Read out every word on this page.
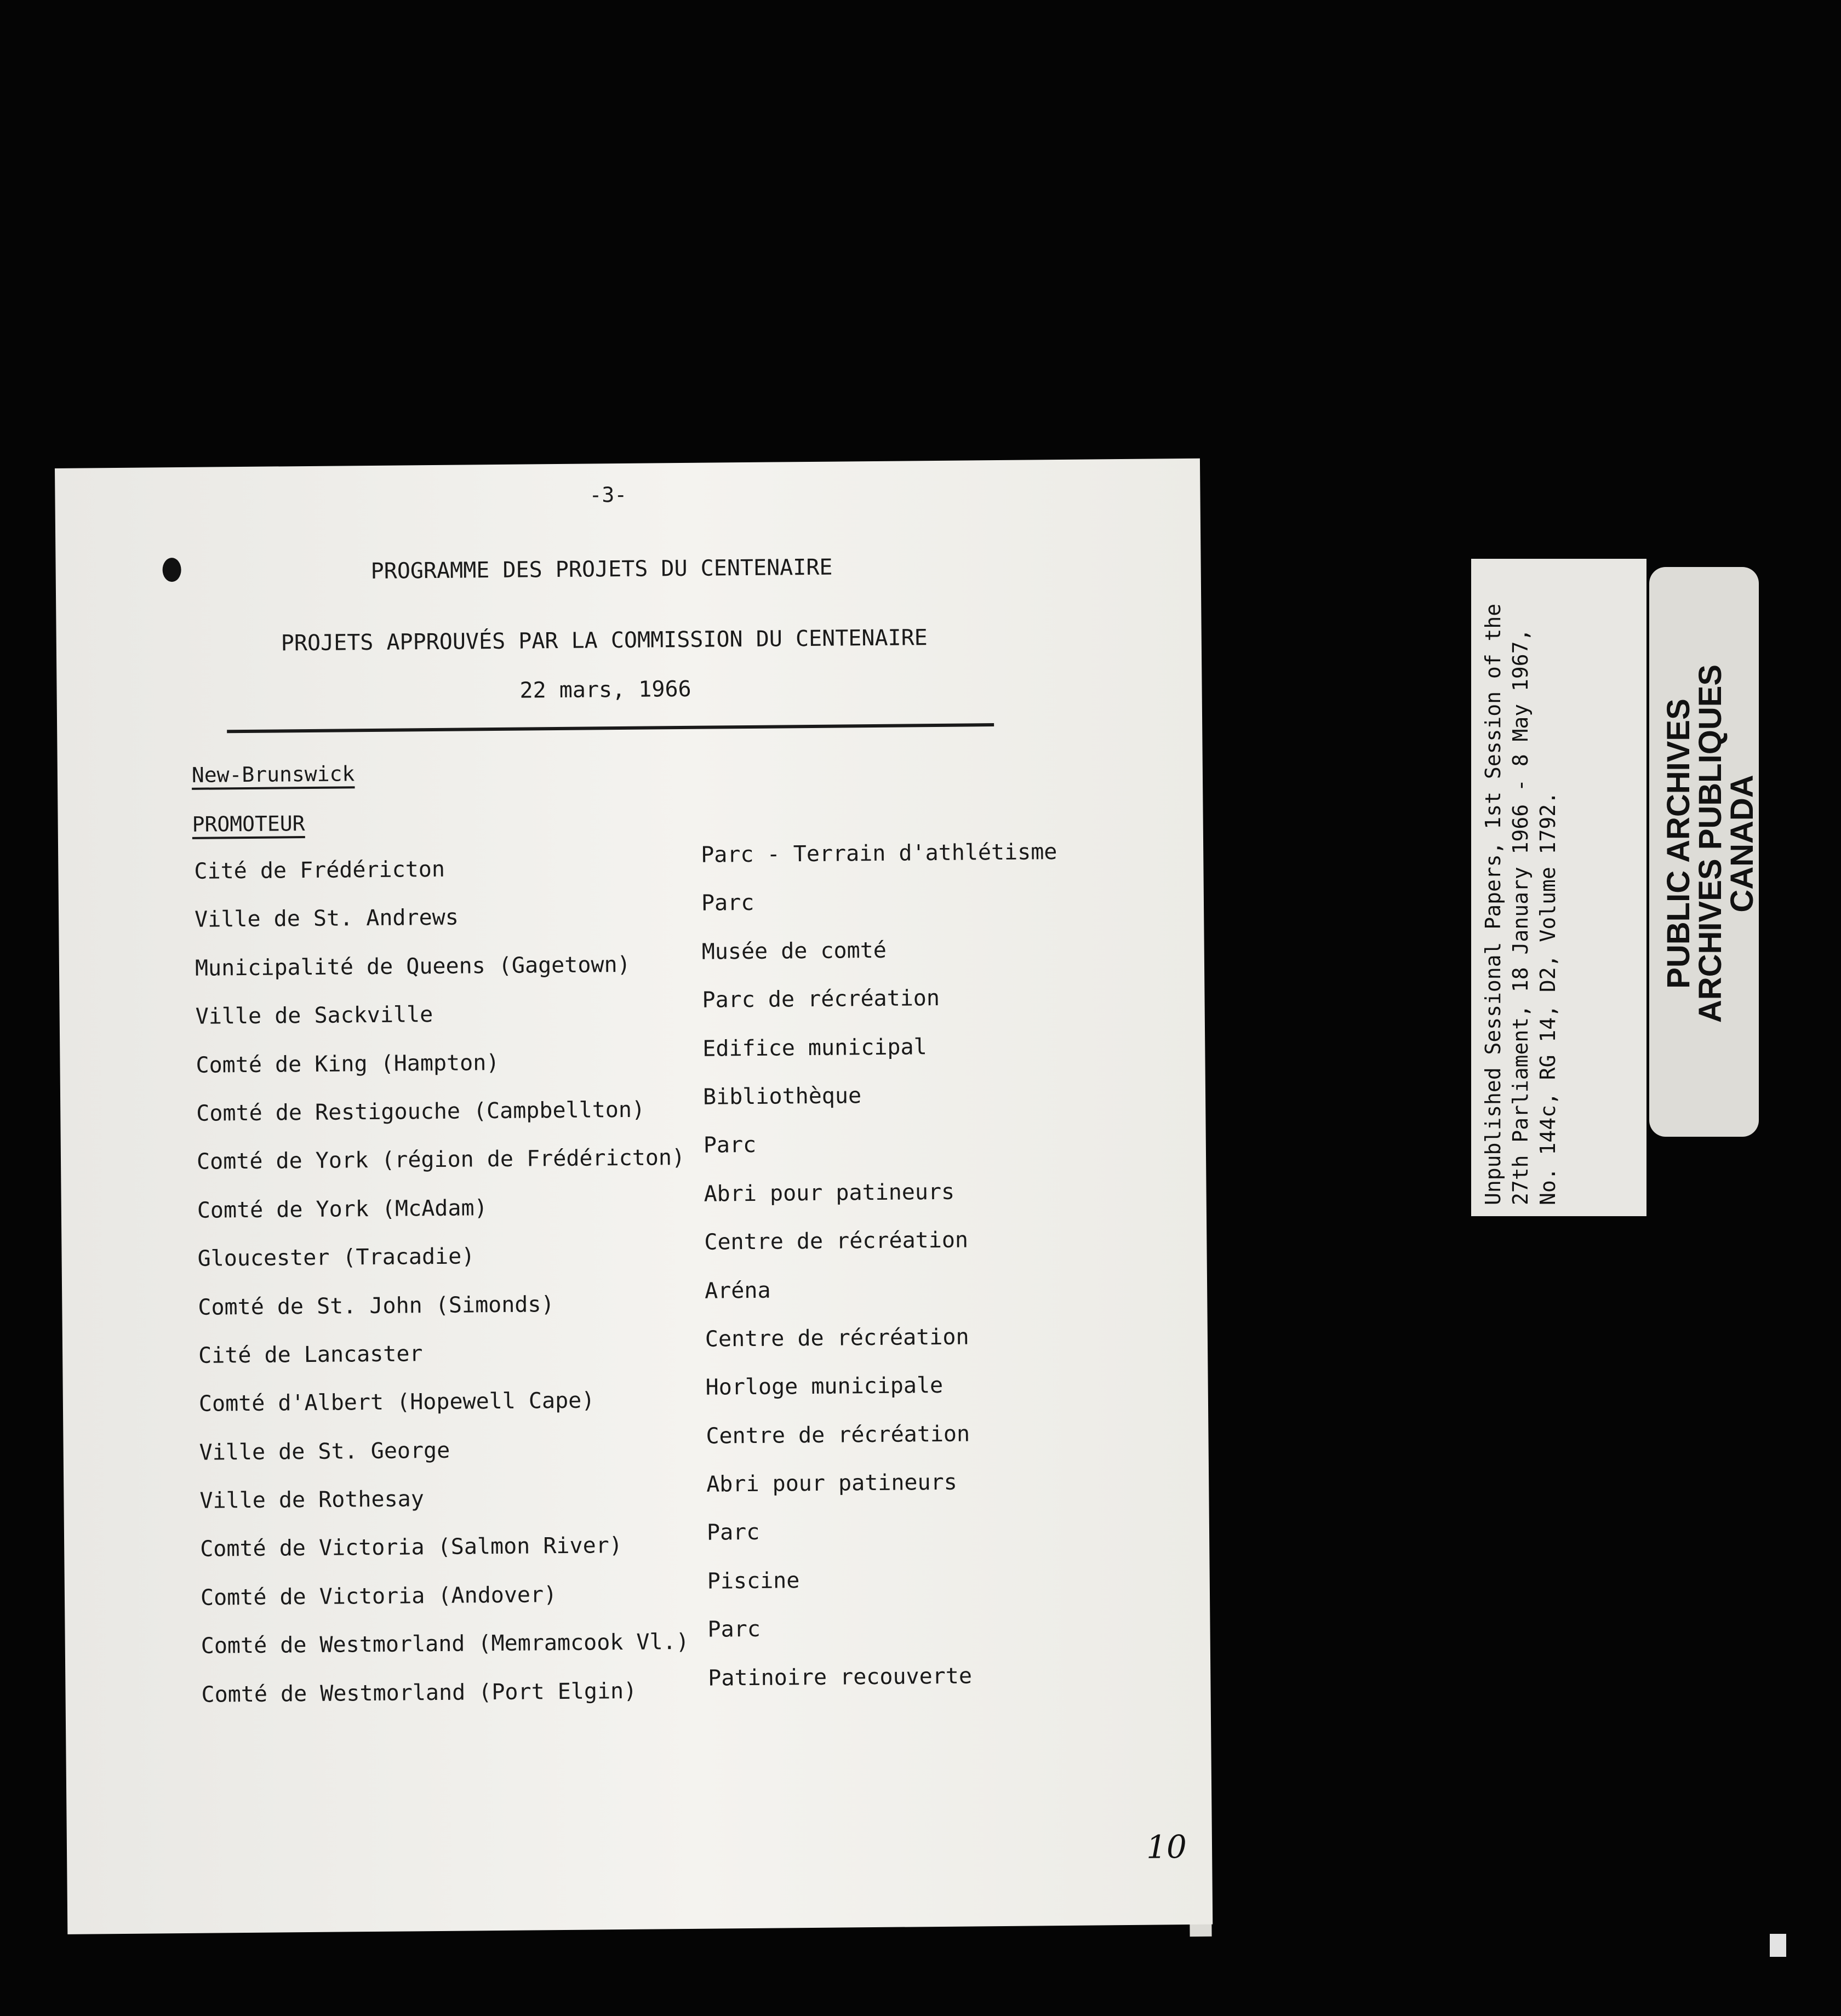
-3-
PROGRAMME DES PROJETS DU CENTENAIRE
PROJETS APPROUVÉS PAR LA COMMISSION DU CENTENAIRE
22 mars, 1966
New-Brunswick
PROMOTEUR
Cité de Frédéricton
Parc - Terrain d'athlétisme
Ville de St. Andrews
Parc
Municipalité de Queens (Gagetown)
Musée de comté
Ville de Sackville
Parc de récréation
Comté de King (Hampton)
Edifice municipal
Comté de Restigouche (Campbellton)
Bibliothèque
Comté de York (région de Frédéricton) Parc
Comté de York (McAdam)
Abri pour patineurs
Gloucester (Tracadie)
Centre de récréation
Comté de St. John (Simonds)
Aréna
Cité de Lancaster
Centre de récréation
Comté d'Albert (Hopewell Cape)
Horloge municipale
Ville de St. George
Centre de récréation
Ville de Rothesay
Abri pour patineurs
Comté de Victoria (Salmon River)
Parc
Comté de Victoria (Andover)
Piscine
Comté de Westmorland (Memramcook Vl.) Parc
Comté de Westmorland (Port Elgin)
Patinoire recouverte
10
Unpublished Sessional Papers, 1st Session of the 27th Parliament, 18 January 1966 - 8 May 1967, No. 144c, RG 14, D2, Volume 1792.	PUBLIC ARCHIVES
ARCHIVES PUBLIQUES
CANADA
